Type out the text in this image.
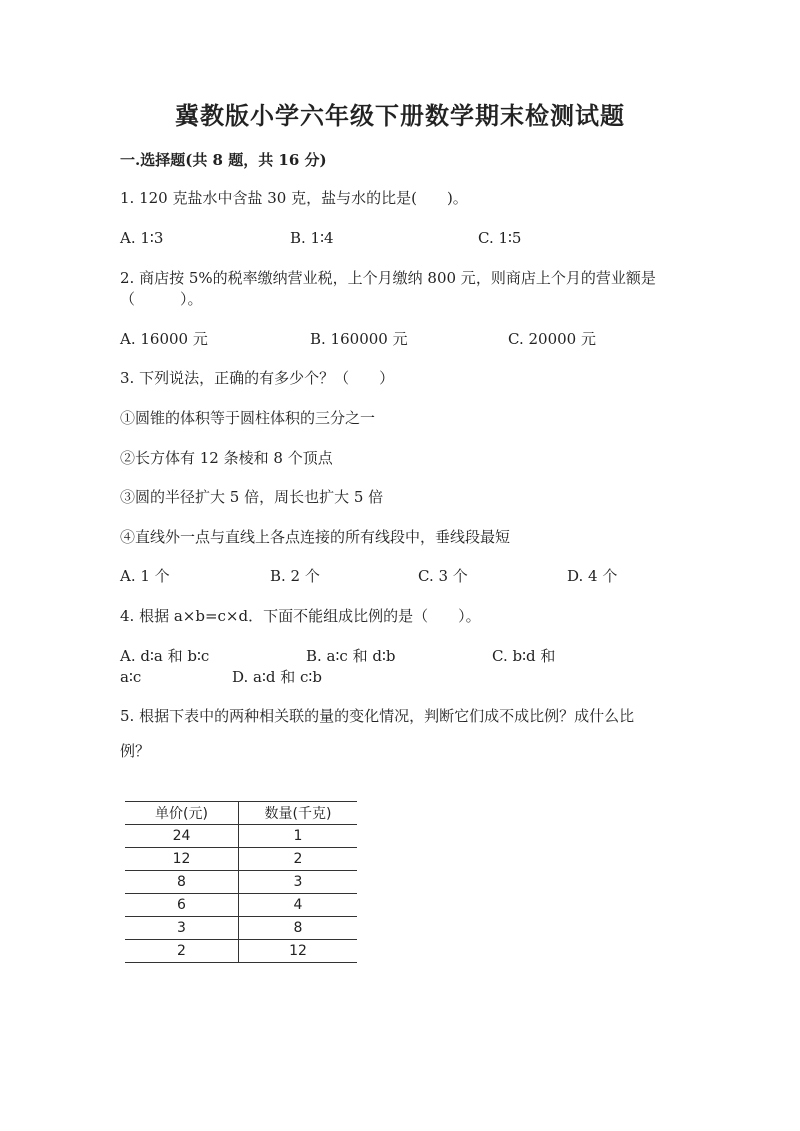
冀教版小学六年级下册数学期末检测试题
一.选择题(共 8 题，共 16 分)
1. 120 克盐水中含盐 30 克，盐与水的比是(　　)。
A. 1∶3	B. 1∶4	C. 1∶5
2. 商店按 5%的税率缴纳营业税，上个月缴纳 800 元，则商店上个月的营业额是
（　　　）。
A. 16000 元	B. 160000 元	C. 20000 元
3. 下列说法，正确的有多少个？（　　）
①圆锥的体积等于圆柱体积的三分之一
②长方体有 12 条棱和 8 个顶点
③圆的半径扩大 5 倍，周长也扩大 5 倍
④直线外一点与直线上各点连接的所有线段中，垂线段最短
A. 1 个	B. 2 个	C. 3 个	D. 4 个
4. 根据 a×b=c×d．下面不能组成比例的是（　　）。
A. d∶a 和 b∶c	B. a∶c 和 d∶b	C. b∶d 和
a∶c	D. a∶d 和 c∶b
5. 根据下表中的两种相关联的量的变化情况，判断它们成不成比例？成什么比
例？
单价(元)	数量(千克)
24	1
12	2
8	3
6	4
3	8
2	12
